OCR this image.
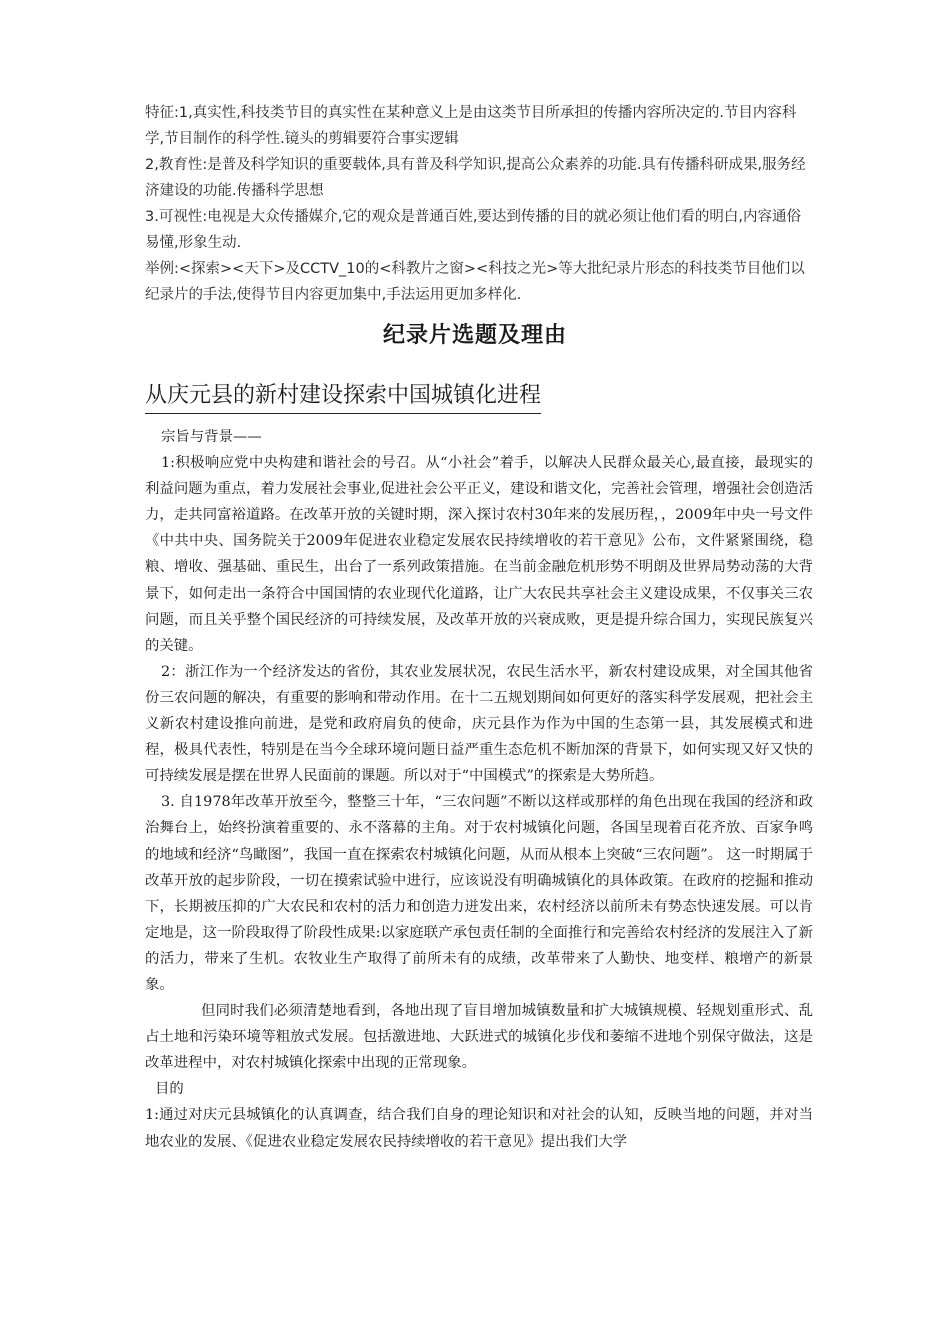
特征:1,真实性,科技类节目的真实性在某种意义上是由这类节目所承担的传播内容所决定的.节目内容科学,节目制作的科学性.镜头的剪辑要符合事实逻辑

2,教育性:是普及科学知识的重要载体,具有普及科学知识,提高公众素养的功能.具有传播科研成果,服务经济建设的功能.传播科学思想

3.可视性:电视是大众传播媒介,它的观众是普通百姓,要达到传播的目的就必须让他们看的明白,内容通俗易懂,形象生动.

举例:<探索><天下>及CCTV_10的<科教片之窗><科技之光>等大批纪录片形态的科技类节目他们以纪录片的手法,使得节目内容更加集中,手法运用更加多样化.

纪录片选题及理由
从庆元县的新村建设探索中国城镇化进程

宗旨与背景——

1:积极响应党中央构建和谐社会的号召。从“小社会”着手，以解决人民群众最关心,最直接，最现实的利益问题为重点，着力发展社会事业,促进社会公平正义，建设和谐文化，完善社会管理，增强社会创造活力，走共同富裕道路。在改革开放的关键时期，深入探讨农村30年来的发展历程，，2009年中央一号文件《中共中央、国务院关于2009年促进农业稳定发展农民持续增收的若干意见》公布，文件紧紧围绕，稳粮、增收、强基础、重民生，出台了一系列政策措施。在当前金融危机形势不明朗及世界局势动荡的大背景下，如何走出一条符合中国国情的农业现代化道路，让广大农民共享社会主义建设成果，不仅事关三农问题，而且关乎整个国民经济的可持续发展，及改革开放的兴衰成败，更是提升综合国力，实现民族复兴的关键。

2：浙江作为一个经济发达的省份，其农业发展状况，农民生活水平，新农村建设成果，对全国其他省份三农问题的解决，有重要的影响和带动作用。在十二五规划期间如何更好的落实科学发展观，把社会主义新农村建设推向前进，是党和政府肩负的使命，庆元县作为作为中国的生态第一县，其发展模式和进程，极具代表性，特别是在当今全球环境问题日益严重生态危机不断加深的背景下，如何实现又好又快的可持续发展是摆在世界人民面前的课题。所以对于“中国模式”的探索是大势所趋。

3. 自1978年改革开放至今，整整三十年，“三农问题”不断以这样或那样的角色出现在我国的经济和政治舞台上，始终扮演着重要的、永不落幕的主角。对于农村城镇化问题，各国呈现着百花齐放、百家争鸣的地域和经济“鸟瞰图”，我国一直在探索农村城镇化问题，从而从根本上突破“三农问题”。 这一时期属于改革开放的起步阶段，一切在摸索试验中进行，应该说没有明确城镇化的具体政策。在政府的挖掘和推动下，长期被压抑的广大农民和农村的活力和创造力迸发出来，农村经济以前所未有势态快速发展。可以肯定地是，这一阶段取得了阶段性成果:以家庭联产承包责任制的全面推行和完善给农村经济的发展注入了新的活力，带来了生机。农牧业生产取得了前所未有的成绩，改革带来了人勤快、地变样、粮增产的新景象。

但同时我们必须清楚地看到，各地出现了盲目增加城镇数量和扩大城镇规模、轻规划重形式、乱占土地和污染环境等粗放式发展。包括激进地、大跃进式的城镇化步伐和萎缩不进地个别保守做法，这是改革进程中，对农村城镇化探索中出现的正常现象。

目的

1:通过对庆元县城镇化的认真调查，结合我们自身的理论知识和对社会的认知，反映当地的问题，并对当地农业的发展、《促进农业稳定发展农民持续增收的若干意见》提出我们大学
